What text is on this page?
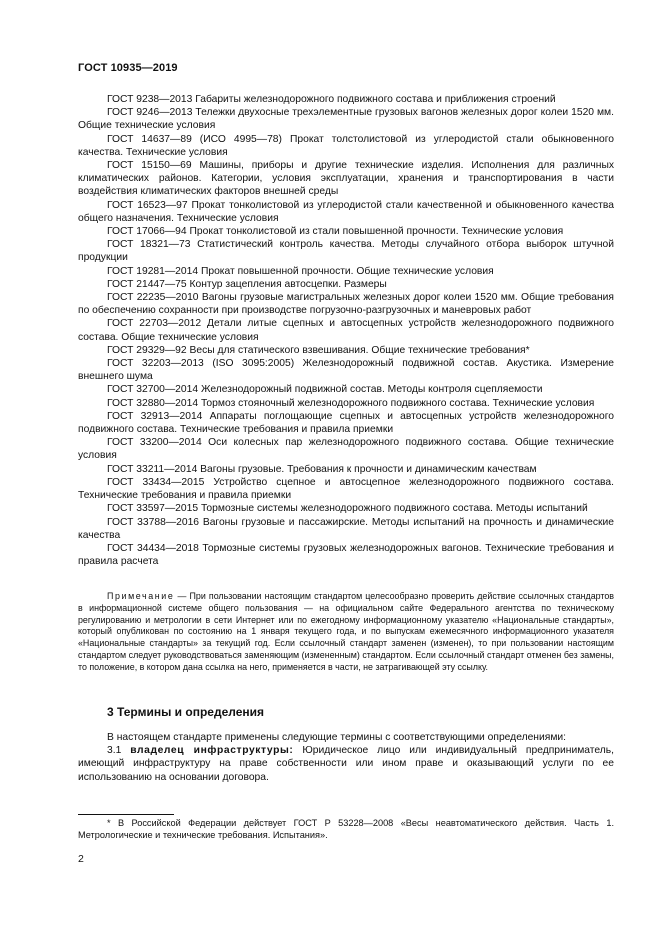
ГОСТ 10935—2019

ГОСТ 9238—2013 Габариты железнодорожного подвижного состава и приближения строений

ГОСТ 9246—2013 Тележки двухосные трехэлементные грузовых вагонов железных дорог колеи 1520 мм. Общие технические условия

ГОСТ 14637—89 (ИСО 4995—78) Прокат толстолистовой из углеродистой стали обыкновенного качества. Технические условия

ГОСТ 15150—69 Машины, приборы и другие технические изделия. Исполнения для различных климатических районов. Категории, условия эксплуатации, хранения и транспортирования в части воздействия климатических факторов внешней среды

ГОСТ 16523—97 Прокат тонколистовой из углеродистой стали качественной и обыкновенного качества общего назначения. Технические условия

ГОСТ 17066—94 Прокат тонколистовой из стали повышенной прочности. Технические условия

ГОСТ 18321—73 Статистический контроль качества. Методы случайного отбора выборок штучной продукции

ГОСТ 19281—2014 Прокат повышенной прочности. Общие технические условия

ГОСТ 21447—75 Контур зацепления автосцепки. Размеры

ГОСТ 22235—2010 Вагоны грузовые магистральных железных дорог колеи 1520 мм. Общие требования по обеспечению сохранности при производстве погрузочно-разгрузочных и маневровых работ

ГОСТ 22703—2012 Детали литые сцепных и автосцепных устройств железнодорожного подвижного состава. Общие технические условия

ГОСТ 29329—92 Весы для статического взвешивания. Общие технические требования*

ГОСТ 32203—2013 (ISO 3095:2005) Железнодорожный подвижной состав. Акустика. Измерение внешнего шума

ГОСТ 32700—2014 Железнодорожный подвижной состав. Методы контроля сцепляемости

ГОСТ 32880—2014 Тормоз стояночный железнодорожного подвижного состава. Технические условия

ГОСТ 32913—2014 Аппараты поглощающие сцепных и автосцепных устройств железнодорожного подвижного состава. Технические требования и правила приемки

ГОСТ 33200—2014 Оси колесных пар железнодорожного подвижного состава. Общие технические условия

ГОСТ 33211—2014 Вагоны грузовые. Требования к прочности и динамическим качествам

ГОСТ 33434—2015 Устройство сцепное и автосцепное железнодорожного подвижного состава. Технические требования и правила приемки

ГОСТ 33597—2015 Тормозные системы железнодорожного подвижного состава. Методы испытаний

ГОСТ 33788—2016 Вагоны грузовые и пассажирские. Методы испытаний на прочность и динамические качества

ГОСТ 34434—2018 Тормозные системы грузовых железнодорожных вагонов. Технические требования и правила расчета

Примечание — При пользовании настоящим стандартом целесообразно проверить действие ссылочных стандартов в информационной системе общего пользования — на официальном сайте Федерального агентства по техническому регулированию и метрологии в сети Интернет или по ежегодному информационному указателю «Национальные стандарты», который опубликован по состоянию на 1 января текущего года, и по выпускам ежемесячного информационного указателя «Национальные стандарты» за текущий год. Если ссылочный стандарт заменен (изменен), то при пользовании настоящим стандартом следует руководствоваться заменяющим (измененным) стандартом. Если ссылочный стандарт отменен без замены, то положение, в котором дана ссылка на него, применяется в части, не затрагивающей эту ссылку.

3 Термины и определения

В настоящем стандарте применены следующие термины с соответствующими определениями:

3.1 владелец инфраструктуры: Юридическое лицо или индивидуальный предприниматель, имеющий инфраструктуру на праве собственности или ином праве и оказывающий услуги по ее использованию на основании договора.

* В Российской Федерации действует ГОСТ Р 53228—2008 «Весы неавтоматического действия. Часть 1. Метрологические и технические требования. Испытания».

2
